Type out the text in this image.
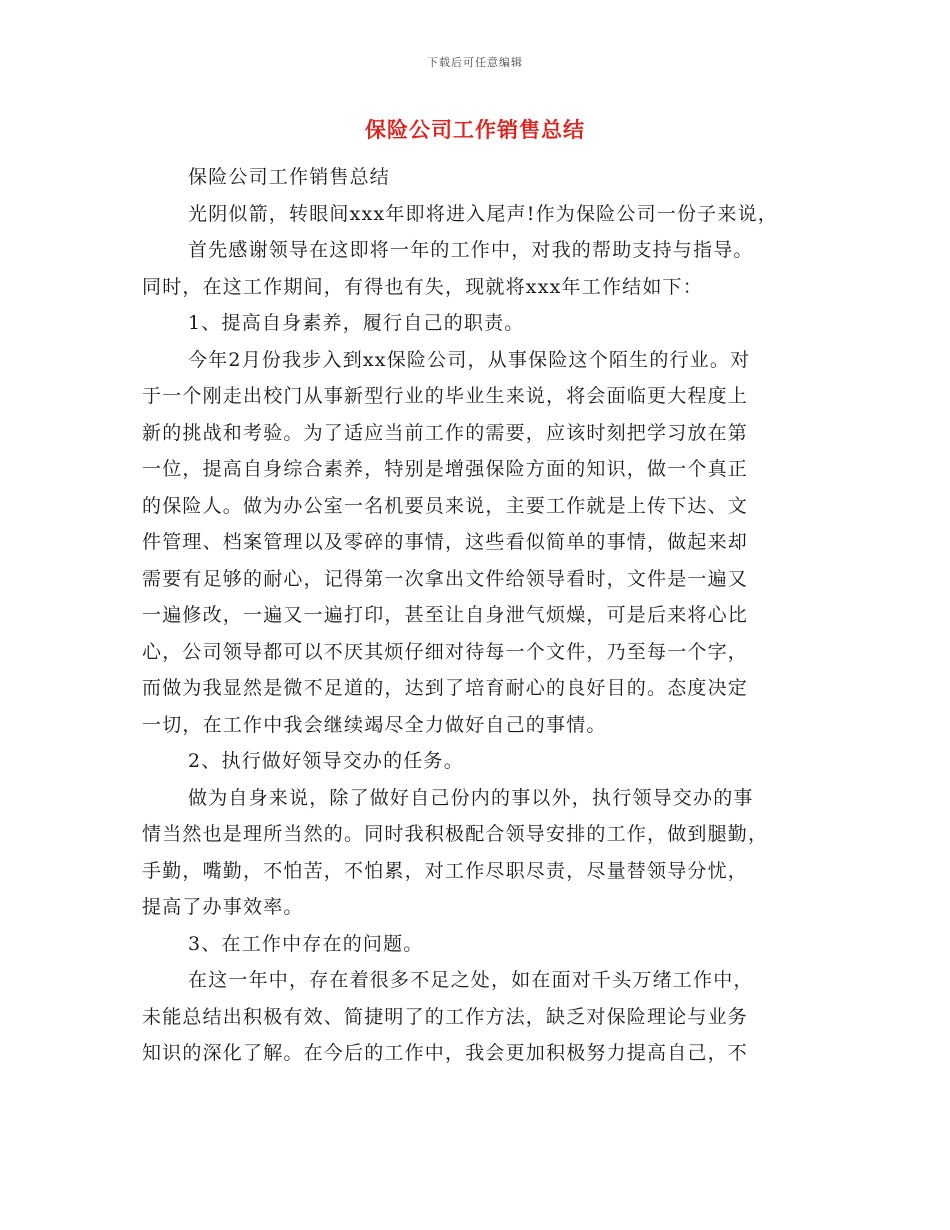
下载后可任意编辑
保险公司工作销售总结
保险公司工作销售总结
光阴似箭，转眼间xxx年即将进入尾声!作为保险公司一份子来说，
首先感谢领导在这即将一年的工作中，对我的帮助支持与指导。
同时，在这工作期间，有得也有失，现就将xxx年工作结如下：
1、提高自身素养，履行自己的职责。
今年2月份我步入到xx保险公司，从事保险这个陌生的行业。对
于一个刚走出校门从事新型行业的毕业生来说，将会面临更大程度上
新的挑战和考验。为了适应当前工作的需要，应该时刻把学习放在第
一位，提高自身综合素养，特别是增强保险方面的知识，做一个真正
的保险人。做为办公室一名机要员来说，主要工作就是上传下达、文
件管理、档案管理以及零碎的事情，这些看似简单的事情，做起来却
需要有足够的耐心，记得第一次拿出文件给领导看时，文件是一遍又
一遍修改，一遍又一遍打印，甚至让自身泄气烦燥，可是后来将心比
心，公司领导都可以不厌其烦仔细对待每一个文件，乃至每一个字，
而做为我显然是微不足道的，达到了培育耐心的良好目的。态度决定
一切，在工作中我会继续竭尽全力做好自己的事情。
2、执行做好领导交办的任务。
做为自身来说，除了做好自己份内的事以外，执行领导交办的事
情当然也是理所当然的。同时我积极配合领导安排的工作，做到腿勤，
手勤，嘴勤，不怕苦，不怕累，对工作尽职尽责，尽量替领导分忧，
提高了办事效率。
3、在工作中存在的问题。
在这一年中，存在着很多不足之处，如在面对千头万绪工作中，
未能总结出积极有效、简捷明了的工作方法，缺乏对保险理论与业务
知识的深化了解。在今后的工作中，我会更加积极努力提高自己，不
